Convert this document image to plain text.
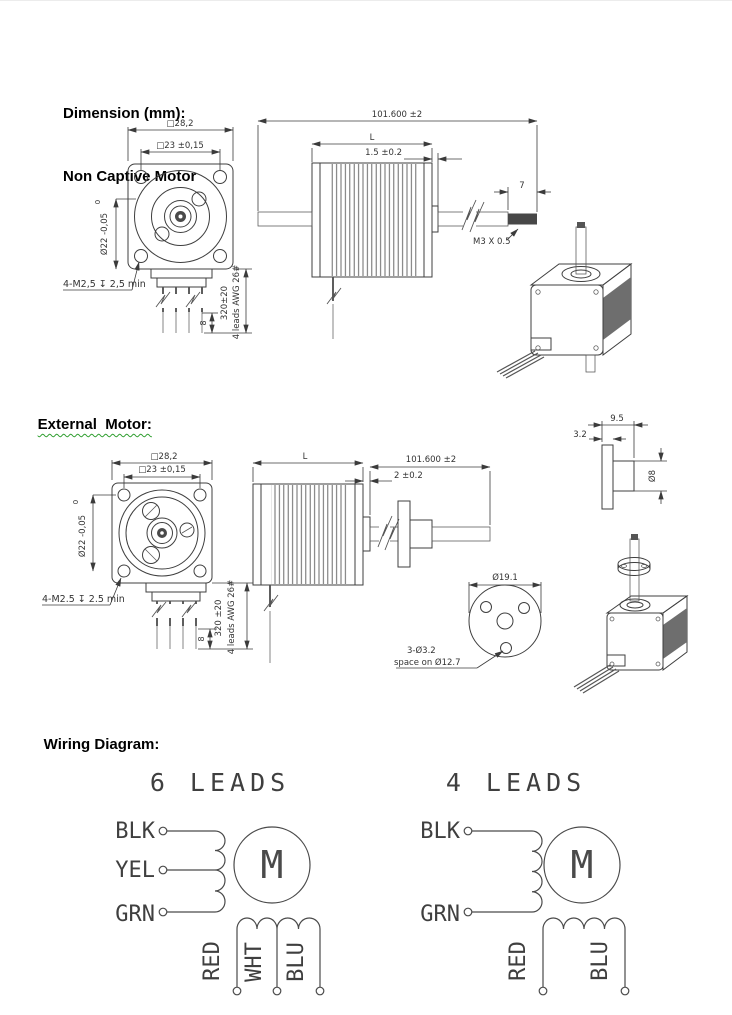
Dimension (mm):

Non Captive Motor

External  Motor:

Wiring Diagram:

□28,2
□23 ±0,15
Ø22 -0,05
0
4-M2,5 ↧ 2,5 min
320±20 4 leads AWG 26#
8
101.600 ±2
L
1.5 ±0.2
7
M3 X 0.5
□28,2
□23 ±0,15
Ø22 -0,05
0
4-M2.5 ↧ 2.5 min
320 ±20 4 leads AWG 26#
8
L	101.600 ±2
2 ±0.2
9.5
3.2
Ø8
Ø19.1
3-Ø3.2
space on Ø12.7
6 LEADS
BLK
YEL
GRN
M
RED WHT BLU
4 LEADS
BLK
GRN
M
RED	BLU
